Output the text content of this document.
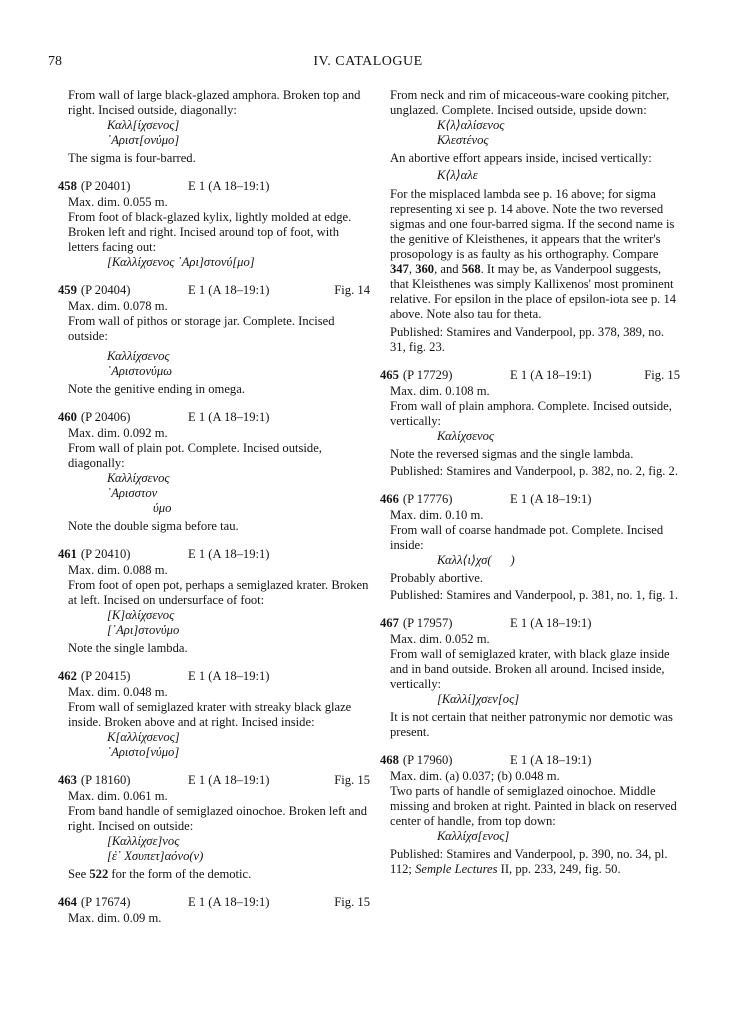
78	IV. CATALOGUE

From wall of large black-glazed amphora. Broken top and right. Incised outside, diagonally:

Καλλ[ίχσενος]

᾿Αριστ[ονύμο]

The sigma is four-barred.

458 (P 20401)	E 1 (A 18–19:1)

Max. dim. 0.055 m.

From foot of black-glazed kylix, lightly molded at edge. Broken left and right. Incised around top of foot, with letters facing out:

[Καλλίχσενος ᾿Αρι]στονύ[μο]

459 (P 20404)	E 1 (A 18–19:1)	Fig. 14

Max. dim. 0.078 m.

From wall of pithos or storage jar. Complete. Incised outside:

Καλλίχσενος

᾿Αριστονύμω

Note the genitive ending in omega.

460 (P 20406)	E 1 (A 18–19:1)

Max. dim. 0.092 m.

From wall of plain pot. Complete. Incised outside, diagonally:

Καλλίχσενος

᾿Αρισστον

ύμο

Note the double sigma before tau.

461 (P 20410)	E 1 (A 18–19:1)

Max. dim. 0.088 m.

From foot of open pot, perhaps a semiglazed krater. Broken at left. Incised on undersurface of foot:

[Κ]αλίχσενος

[᾿Αρι]στονύμο

Note the single lambda.

462 (P 20415)	E 1 (A 18–19:1)

Max. dim. 0.048 m.

From wall of semiglazed krater with streaky black glaze inside. Broken above and at right. Incised inside:

Κ[αλλίχσενος]

᾿Αριστο[νύμο]

463 (P 18160)	E 1 (A 18–19:1)	Fig. 15

Max. dim. 0.061 m.

From band handle of semiglazed oinochoe. Broken left and right. Incised on outside:

[Καλλίχσε]νος

[ἐ᾿ Χσυπετ]αόνο(ν)

See 522 for the form of the demotic.

464 (P 17674)	E 1 (A 18–19:1)	Fig. 15

Max. dim. 0.09 m.

From neck and rim of micaceous-ware cooking pitcher, unglazed. Complete. Incised outside, upside down:

Κ⟨λ⟩αλίσενος

Κλεστένος

An abortive effort appears inside, incised vertically:

Κ⟨λ⟩αλε

For the misplaced lambda see p. 16 above; for sigma representing xi see p. 14 above. Note the two reversed sigmas and one four-barred sigma. If the second name is the genitive of Kleisthenes, it appears that the writer's prosopology is as faulty as his orthography. Compare 347, 360, and 568. It may be, as Vanderpool suggests, that Kleisthenes was simply Kallixenos' most prominent relative. For epsilon in the place of epsilon-iota see p. 14 above. Note also tau for theta.

Published: Stamires and Vanderpool, pp. 378, 389, no. 31, fig. 23.

465 (P 17729)	E 1 (A 18–19:1)	Fig. 15

Max. dim. 0.108 m.

From wall of plain amphora. Complete. Incised outside, vertically:

Καλίχσενος

Note the reversed sigmas and the single lambda.

Published: Stamires and Vanderpool, p. 382, no. 2, fig. 2.

466 (P 17776)	E 1 (A 18–19:1)

Max. dim. 0.10 m.

From wall of coarse handmade pot. Complete. Incised inside:

Καλλ⟨ι⟩χσ(      )

Probably abortive.

Published: Stamires and Vanderpool, p. 381, no. 1, fig. 1.

467 (P 17957)	E 1 (A 18–19:1)

Max. dim. 0.052 m.

From wall of semiglazed krater, with black glaze inside and in band outside. Broken all around. Incised inside, vertically:

[Καλλί]χσεν[ος]

It is not certain that neither patronymic nor demotic was present.

468 (P 17960)	E 1 (A 18–19:1)

Max. dim. (a) 0.037; (b) 0.048 m.

Two parts of handle of semiglazed oinochoe. Middle missing and broken at right. Painted in black on reserved center of handle, from top down:

Καλλίχσ[ενος]

Published: Stamires and Vanderpool, p. 390, no. 34, pl. 112; Semple Lectures II, pp. 233, 249, fig. 50.
